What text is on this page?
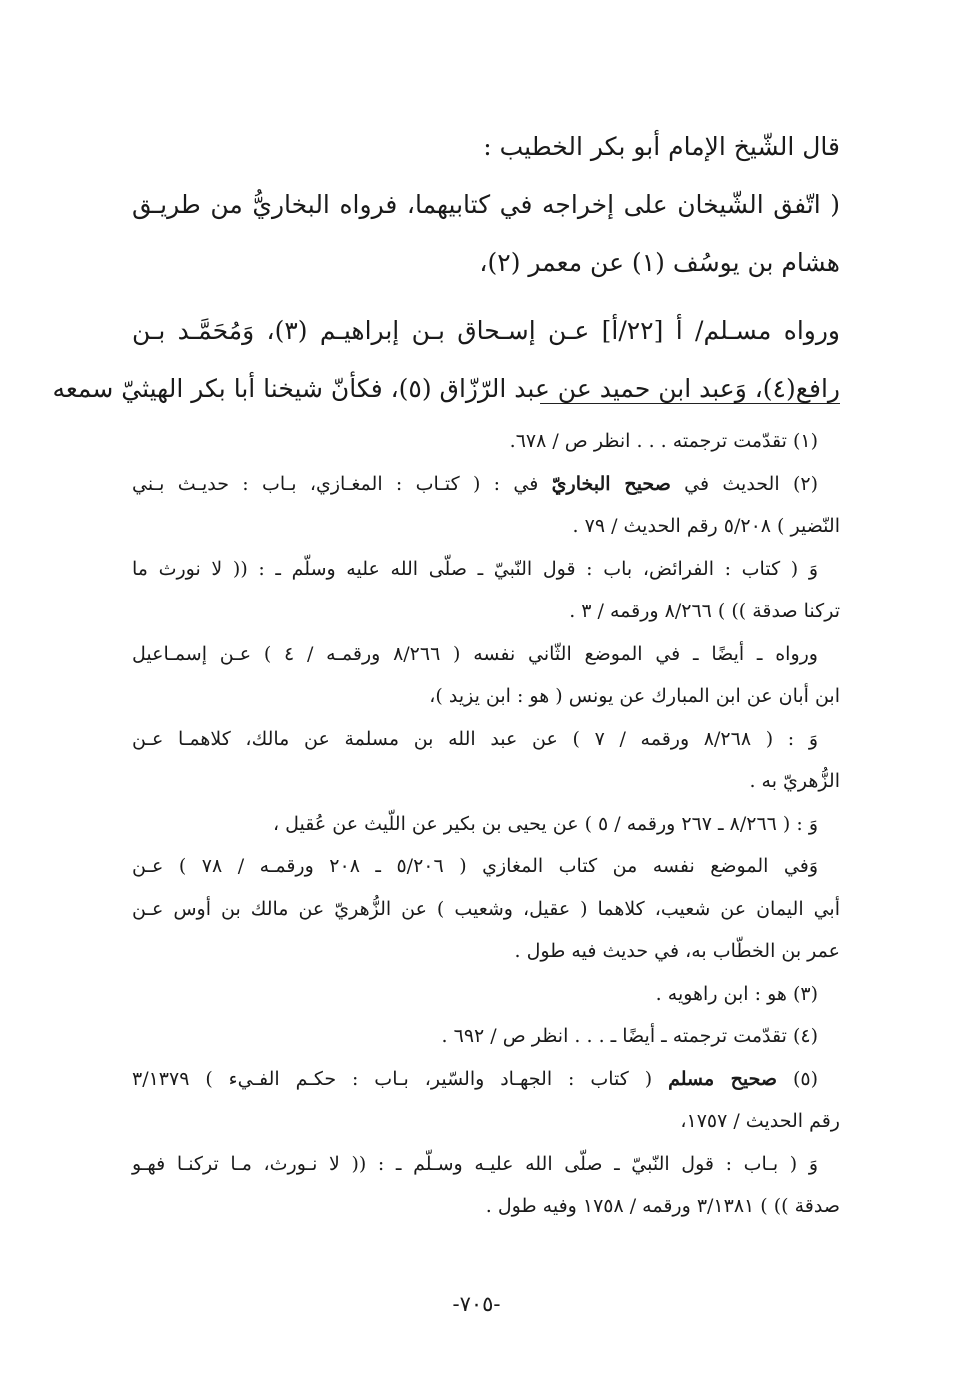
قال الشّيخ الإمام أبو بكر الخطيب :
( اتّفق الشّيخان على إخراجه في كتابيهما، فرواه البخاريُّ من طريـق
هشام بن يوسُف (١) عن معمر (٢)،
ورواه مسـلم/ أ [٢٢/أ] عـن إسـحاق بـن إبراهيـم (٣)، وَمُحَمَّـد بـن
رافع(٤)، وَعبد ابن حميد عن عبد الرّزّاق (٥)، فكأنّ شيخنا أبا بكر الهيثيّ سمعه
(١) تقدّمت ترجمته . . . انظر ص / ٦٧٨.
(٢) الحديث في صحيح البخاريّ في : ( كتـاب : المغـازي، بـاب : حديـث بـني
النّضير ) ٥/٢٠٨ رقم الحديث / ٧٩ .
وَ ( كتاب : الفرائض، باب : قول النّبيّ ـ صلّى الله عليه وسلّم ـ : (( لا نورث ما
تركنا صدقة )) ) ٨/٢٦٦ ورقمه / ٣ .
ورواه ـ أيضًا ـ في الموضع الثّاني نفسه ( ٨/٢٦٦ ورقمـه / ٤ ) عـن إسمـاعيل
ابن أبان عن ابن المبارك عن يونس ( هو : ابن يزيد )،
وَ : ( ٨/٢٦٨ ورقمه / ٧ ) عن عبد الله بن مسلمة عن مالك، كلاهمـا عـن
الزُّهريّ به .
وَ : ( ٨/٢٦٦ ـ ٢٦٧ ورقمه / ٥ ) عن يحيى بن بكير عن اللّيث عن عُقيل ،
وَفي الموضع نفسه من كتاب المغازي ( ٥/٢٠٦ ـ ٢٠٨ ورقمـه / ٧٨ ) عـن
أبي اليمان عن شعيب، كلاهما ( عقيل، وشعيب ) عن الزُّهريّ عن مالك بن أوس عـن
عمر بن الخطّاب به، في حديث فيه طول .
(٣) هو : ابن راهويه .
(٤) تقدّمت ترجمته ـ أيضًا ـ . . . انظر ص / ٦٩٢ .
(٥) صحيح مسلم ( كتاب : الجهـاد والسّير، بـاب : حكـم الفـيء ) ٣/١٣٧٩
رقم الحديث / ١٧٥٧،
وَ ( بـاب : قول النّبيّ ـ صلّى الله عليـه وسـلّم ـ : (( لا نـورث، مـا تركنـا فهـو
صدقة )) ) ٣/١٣٨١ ورقمه / ١٧٥٨ وفيه طول .
-٧٠٥-
